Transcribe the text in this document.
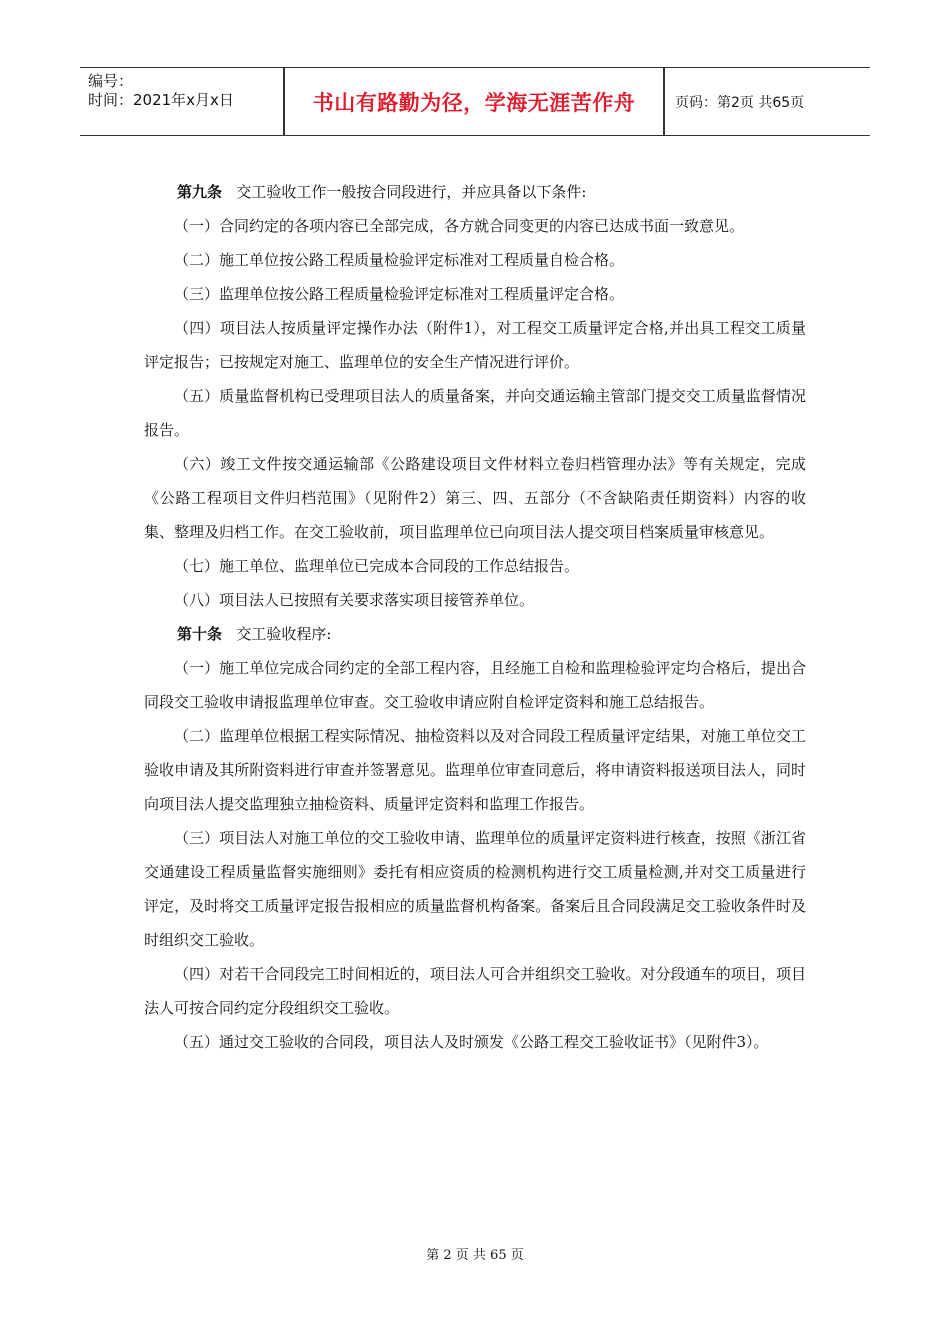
编号：
时间：2021年x月x日	书山有路勤为径，学海无涯苦作舟	页码：第2页 共65页

第九条 交工验收工作一般按合同段进行，并应具备以下条件:

（一）合同约定的各项内容已全部完成，各方就合同变更的内容已达成书面一致意见。

（二）施工单位按公路工程质量检验评定标准对工程质量自检合格。

（三）监理单位按公路工程质量检验评定标准对工程质量评定合格。

（四）项目法人按质量评定操作办法（附件1），对工程交工质量评定合格,并出具工程交工质量评定报告；已按规定对施工、监理单位的安全生产情况进行评价。

（五）质量监督机构已受理项目法人的质量备案，并向交通运输主管部门提交交工质量监督情况报告。

（六）竣工文件按交通运输部《公路建设项目文件材料立卷归档管理办法》等有关规定，完成《公路工程项目文件归档范围》（见附件2）第三、四、五部分（不含缺陷责任期资料）内容的收集、整理及归档工作。在交工验收前，项目监理单位已向项目法人提交项目档案质量审核意见。

（七）施工单位、监理单位已完成本合同段的工作总结报告。

（八）项目法人已按照有关要求落实项目接管养单位。

第十条 交工验收程序:

（一）施工单位完成合同约定的全部工程内容，且经施工自检和监理检验评定均合格后，提出合同段交工验收申请报监理单位审查。交工验收申请应附自检评定资料和施工总结报告。

（二）监理单位根据工程实际情况、抽检资料以及对合同段工程质量评定结果，对施工单位交工验收申请及其所附资料进行审查并签署意见。监理单位审查同意后，将申请资料报送项目法人，同时向项目法人提交监理独立抽检资料、质量评定资料和监理工作报告。

（三）项目法人对施工单位的交工验收申请、监理单位的质量评定资料进行核查，按照《浙江省交通建设工程质量监督实施细则》委托有相应资质的检测机构进行交工质量检测,并对交工质量进行评定，及时将交工质量评定报告报相应的质量监督机构备案。备案后且合同段满足交工验收条件时及时组织交工验收。

（四）对若干合同段完工时间相近的，项目法人可合并组织交工验收。对分段通车的项目，项目法人可按合同约定分段组织交工验收。

（五）通过交工验收的合同段，项目法人及时颁发《公路工程交工验收证书》（见附件3）。

第 2 页 共 65 页
